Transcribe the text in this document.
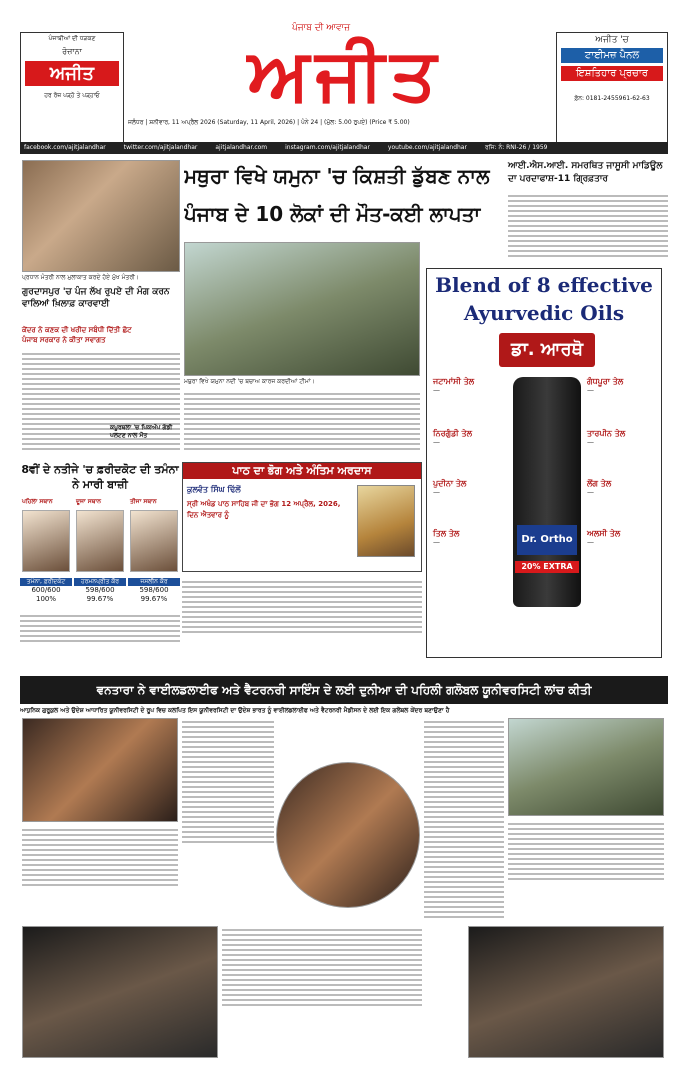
ਪੰਜਾਬੀਆਂ ਦੀ ਧੜਕਣ
ਰੋਜ਼ਾਨਾ
ਅਜੀਤ
ਹਰ ਰੋਜ਼ ਪੜ੍ਹੋ ਤੇ ਪੜ੍ਹਾਓ
ਪੰਜਾਬ ਦੀ ਆਵਾਜ਼
ਅਜੀਤ
ਜਲੰਧਰ | ਸ਼ਨੀਵਾਰ, 11 ਅਪ੍ਰੈਲ 2026 (Saturday, 11 April, 2026) | ਪੰਨੇ 24 | (ਮੁੱਲ: 5.00 ਰੁਪਏ) (Price ₹ 5.00)
ਅਜੀਤ 'ਚ
ਟਾਈਮਜ਼ ਪੈਨਲ
ਇਸ਼ਤਿਹਾਰ ਪ੍ਰਚਾਰ
ਫ਼ੋਨ: 0181-2455961-62-63
facebook.com/ajitjalandhar	twitter.com/ajitjalandhar	ajitjalandhar.com	instagram.com/ajitjalandhar	youtube.com/ajitjalandhar	ਰਜਿ: ਨੰ: RNI-26 / 1959
ਪ੍ਰਧਾਨ ਮੰਤਰੀ ਨਾਲ ਮੁਲਾਕਾਤ ਕਰਦੇ ਹੋਏ ਮੁੱਖ ਮੰਤਰੀ।
ਗੁਰਦਾਸਪੁਰ 'ਚ ਪੰਜ ਲੱਖ ਰੁਪਏ ਦੀ ਮੰਗ ਕਰਨ ਵਾਲਿਆਂ ਖ਼ਿਲਾਫ਼ ਕਾਰਵਾਈ
ਕੇਂਦਰ ਨੇ ਕਣਕ ਦੀ ਖਰੀਦ ਸਬੰਧੀ ਦਿੱਤੀ ਛੋਟ
ਪੰਜਾਬ ਸਰਕਾਰ ਨੇ ਕੀਤਾ ਸਵਾਗਤ
ਮਥੁਰਾ ਵਿਖੇ ਯਮੁਨਾ 'ਚ ਕਿਸ਼ਤੀ ਡੁੱਬਣ ਨਾਲ
ਪੰਜਾਬ ਦੇ 10 ਲੋਕਾਂ ਦੀ ਮੌਤ-ਕਈ ਲਾਪਤਾ
ਮਥੁਰਾ ਵਿਖੇ ਯਮੁਨਾ ਨਦੀ 'ਚ ਬਚਾਅ ਕਾਰਜ ਕਰਦੀਆਂ ਟੀਮਾਂ।
ਆਈ.ਐਸ.ਆਈ. ਸਮਰਥਿਤ ਜਾਸੂਸੀ ਮਾਡਿਊਲ ਦਾ ਪਰਦਾਫਾਸ਼-11 ਗ੍ਰਿਫ਼ਤਾਰ
Blend of 8 effective
Ayurvedic Oils
ਡਾ. ਆਰਥੋ
Dr. Ortho
20% EXTRA
ਜਟਾਮਾਂਸੀ ਤੇਲ
—
ਗੰਧਪੂਰਾ ਤੇਲ
—
ਨਿਰਗੁੰਡੀ ਤੇਲ
—
ਤਾਰਪੀਨ ਤੇਲ
—
ਪੁਦੀਨਾ ਤੇਲ
—
ਲੌਂਗ ਤੇਲ
—
ਤਿਲ ਤੇਲ
—
ਅਲਸੀ ਤੇਲ
—
8ਵੀਂ ਦੇ ਨਤੀਜੇ 'ਚ ਫ਼ਰੀਦਕੋਟ ਦੀ ਤਮੰਨਾ ਨੇ ਮਾਰੀ ਬਾਜ਼ੀ
ਪਹਿਲਾ ਸਥਾਨ	ਦੂਜਾ ਸਥਾਨ	ਤੀਜਾ ਸਥਾਨ
ਤਮੰਨਾ, ਫ਼ਰੀਦਕੋਟ	ਹਰਮਨਪ੍ਰੀਤ ਕੌਰ	ਜਸਲੀਨ ਕੌਰ
600/600	598/600	598/600
100%	99.67%	99.67%
ਪਾਠ ਦਾ ਭੋਗ ਅਤੇ ਅੰਤਿਮ ਅਰਦਾਸ
ਕੁਲਵੰਤ ਸਿੰਘ ਢਿੱਲੋਂ
ਸ੍ਰੀ ਅਖੰਡ ਪਾਠ ਸਾਹਿਬ ਜੀ ਦਾ ਭੋਗ 12 ਅਪ੍ਰੈਲ, 2026, ਦਿਨ ਐਤਵਾਰ ਨੂੰ
ਕਪੂਰਥਲਾ 'ਚ ਪਿਕਅੱਪ ਗੱਡੀ ਪਲਟਣ ਨਾਲ ਮੌਤ
ਵਨਤਾਰਾ ਨੇ ਵਾਈਲਡਲਾਈਫ ਅਤੇ ਵੈਟਰਨਰੀ ਸਾਇੰਸ ਦੇ ਲਈ ਦੁਨੀਆ ਦੀ ਪਹਿਲੀ ਗਲੋਬਲ ਯੂਨੀਵਰਸਿਟੀ ਲਾਂਚ ਕੀਤੀ
ਆਧੁਨਿਕ ਗੁਰੂਕੁਲ ਅਤੇ ਉਦੇਸ਼ ਆਧਾਰਿਤ ਯੂਨੀਵਰਸਿਟੀ ਦੇ ਰੂਪ ਵਿਚ ਕਲਪਿਤ ਇਸ ਯੂਨੀਵਰਸਿਟੀ ਦਾ ਉਦੇਸ਼ ਭਾਰਤ ਨੂੰ ਵਾਈਲਡਲਾਈਫ ਅਤੇ ਵੈਟਰਨਰੀ ਮੈਡੀਸਨ ਦੇ ਲਈ ਇਕ ਗਲੋਬਲ ਕੇਂਦਰ ਬਣਾਉਣਾ ਹੈ
